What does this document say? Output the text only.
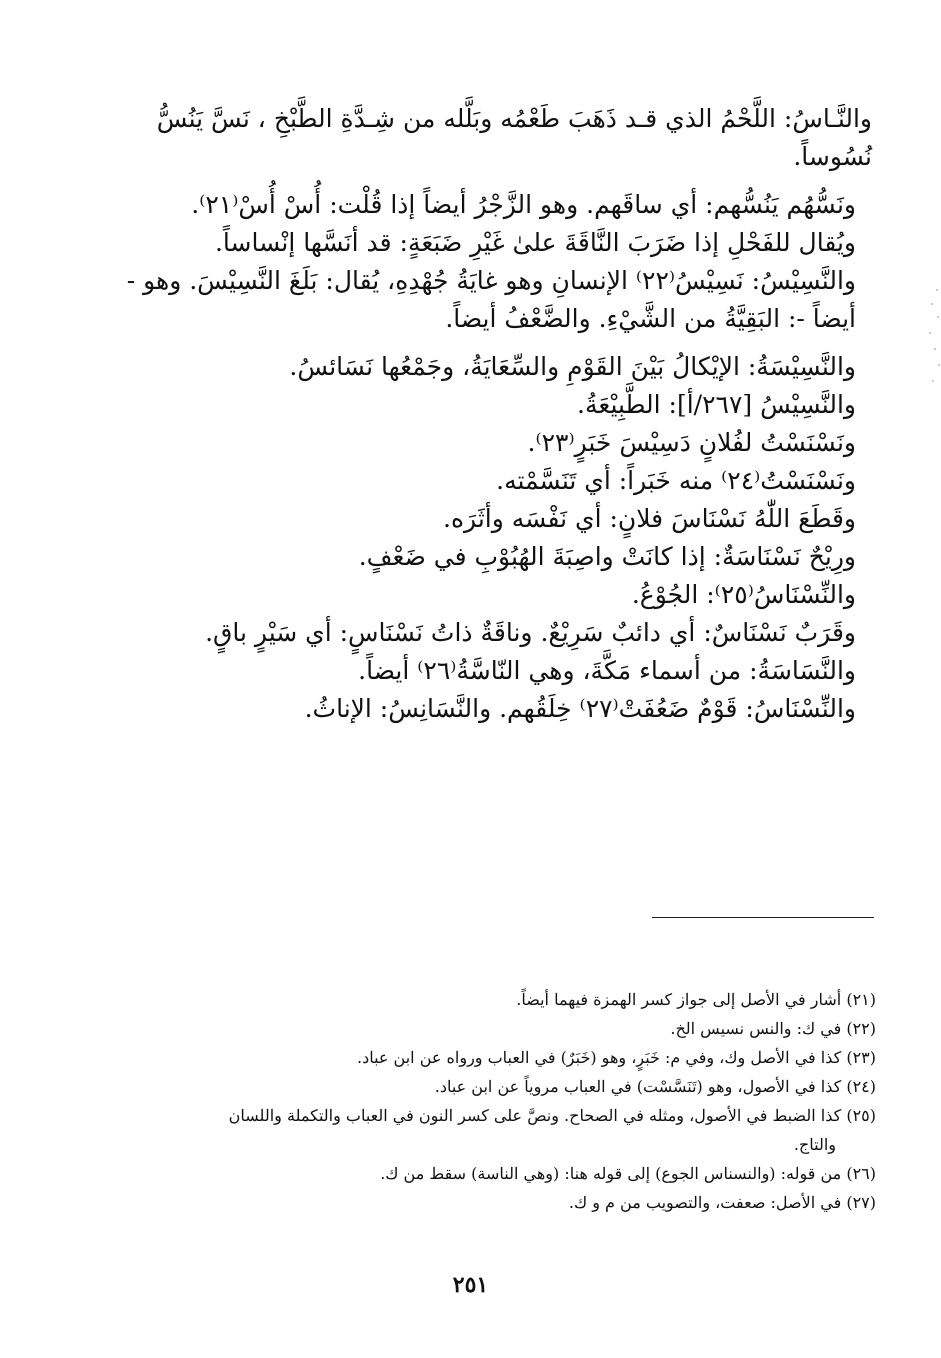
والنَّـاسُ: اللَّحْمُ الذي قـد ذَهَبَ طَعْمُه وبَلَّله من شِـدَّةِ الطَّبْخِ ، نَسَّ يَنُسُّ نُسُوساً.

ونَسُّهُم يَنُسُّهم: أي ساقَهم. وهو الزَّجْرُ أيضاً إذا قُلْت: أُسْ أُسْ⁽٢١⁾.

ويُقال للفَحْلِ إذا ضَرَبَ النَّاقَةَ علىٰ غَيْرِ ضَبَعَةٍ: قد أنَسَّها إنْساساً.

والنَّسِيْسُ: نَسِيْسُ⁽٢٢⁾ الإنسانِ وهو غايَةُ جُهْدِهِ، يُقال: بَلَغَ النَّسِيْسَ. وهو - أيضاً -: البَقِيَّةُ من الشَّيْءِ. والضَّعْفُ أيضاً.

والنَّسِيْسَةُ: الإيْكالُ بَيْنَ القَوْمِ والسِّعَايَةُ، وجَمْعُها نَسَائسُ.

والنَّسِيْسُ [٢٦٧/أ]: الطَّبِيْعَةُ.

ونَسْنَسْتُ لفُلانٍ دَسِيْسَ خَبَرٍ⁽٢٣⁾.

ونَسْنَسْتُ⁽٢٤⁾ منه خَبَراً: أي تَنَسَّمْته.

وقَطَعَ اللّٰهُ نَسْنَاسَ فلانٍ: أي نَفْسَه وأثَرَه.

ورِيْحٌ نَسْنَاسَةٌ: إذا كانَتْ واصِبَةَ الهُبُوْبِ في ضَعْفٍ.

والنِّسْنَاسُ⁽٢٥⁾: الجُوْعُ.

وقَرَبٌ نَسْنَاسٌ: أي دائبٌ سَرِيْعٌ. وناقَةٌ ذاتُ نَسْنَاسٍ: أي سَيْرٍ باقٍ.

والنَّسَاسَةُ: من أسماء مَكَّةَ، وهي النّاسَّةُ⁽٢٦⁾ أيضاً.

والنِّسْنَاسُ: قَوْمٌ ضَعُفَتْ⁽٢٧⁾ خِلَقُهم. والنَّسَانِسُ: الإناثُ.

(٢١) أشار في الأصل إلى جواز كسر الهمزة فيهما أيضاً.

(٢٢) في ك: والنس نسيس الخ.

(٢٣) كذا في الأصل وك، وفي م: خَبَرٍ، وهو (خَبَرٌ) في العباب ورواه عن ابن عباد.

(٢٤) كذا في الأصول، وهو (تَنَسَّسْت) في العباب مروياً عن ابن عباد.

(٢٥) كذا الضبط في الأصول، ومثله في الصحاح. ونصَّ على كسر النون في العباب والتكملة واللسان

والتاج.

(٢٦) من قوله: (والنسناس الجوع) إلى قوله هنا: (وهي الناسة) سقط من ك.

(٢٧) في الأصل: صعفت، والتصويب من م و ك.

٢٥١
